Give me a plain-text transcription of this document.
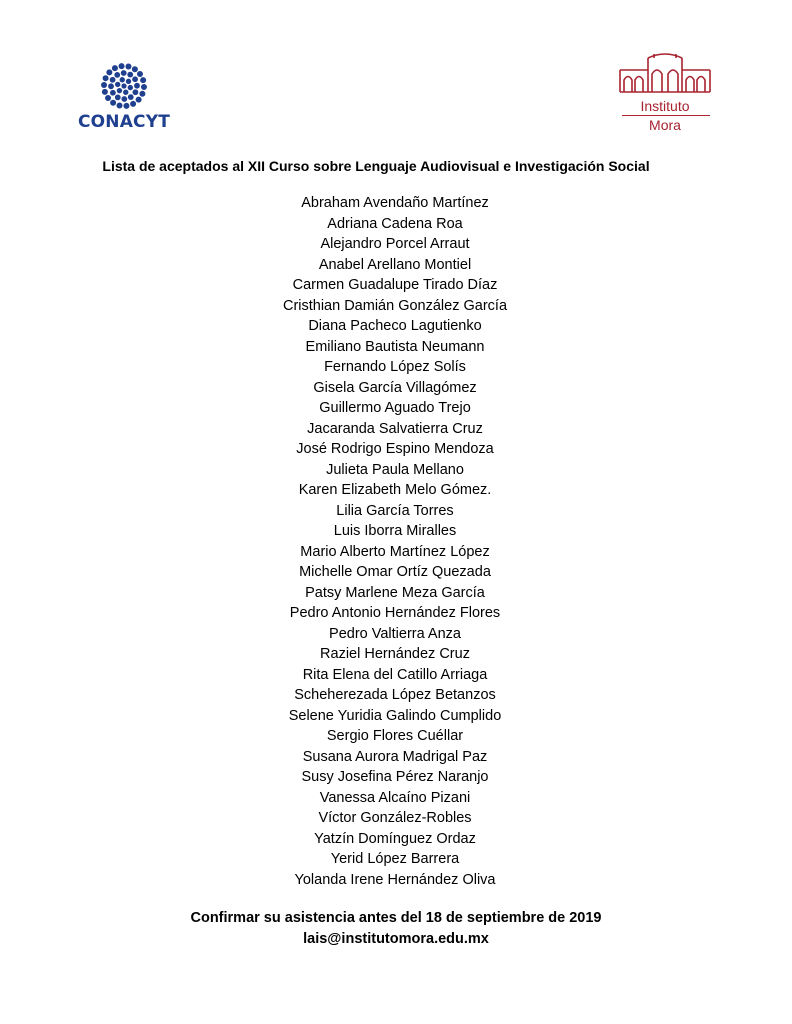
CONACYT
Instituto
Mora
Lista de aceptados al XII Curso sobre Lenguaje Audiovisual e Investigación Social
Abraham Avendaño Martínez
Adriana Cadena Roa
Alejandro Porcel Arraut
Anabel Arellano Montiel
Carmen Guadalupe Tirado Díaz
Cristhian Damián González García
Diana Pacheco Lagutienko
Emiliano Bautista Neumann
Fernando López Solís
Gisela García Villagómez
Guillermo Aguado Trejo
Jacaranda Salvatierra Cruz
José Rodrigo Espino Mendoza
Julieta Paula Mellano
Karen Elizabeth Melo Gómez.
Lilia García Torres
Luis Iborra Miralles
Mario Alberto Martínez López
Michelle Omar Ortíz Quezada
Patsy Marlene Meza García
Pedro Antonio Hernández Flores
Pedro Valtierra Anza
Raziel Hernández Cruz
Rita Elena del Catillo Arriaga
Scheherezada López Betanzos
Selene Yuridia Galindo Cumplido
Sergio Flores Cuéllar
Susana Aurora Madrigal Paz
Susy Josefina Pérez Naranjo
Vanessa Alcaíno Pizani
Víctor González-Robles
Yatzín Domínguez Ordaz
Yerid López Barrera
Yolanda Irene Hernández Oliva
Confirmar su asistencia antes del 18 de septiembre de 2019
lais@institutomora.edu.mx
